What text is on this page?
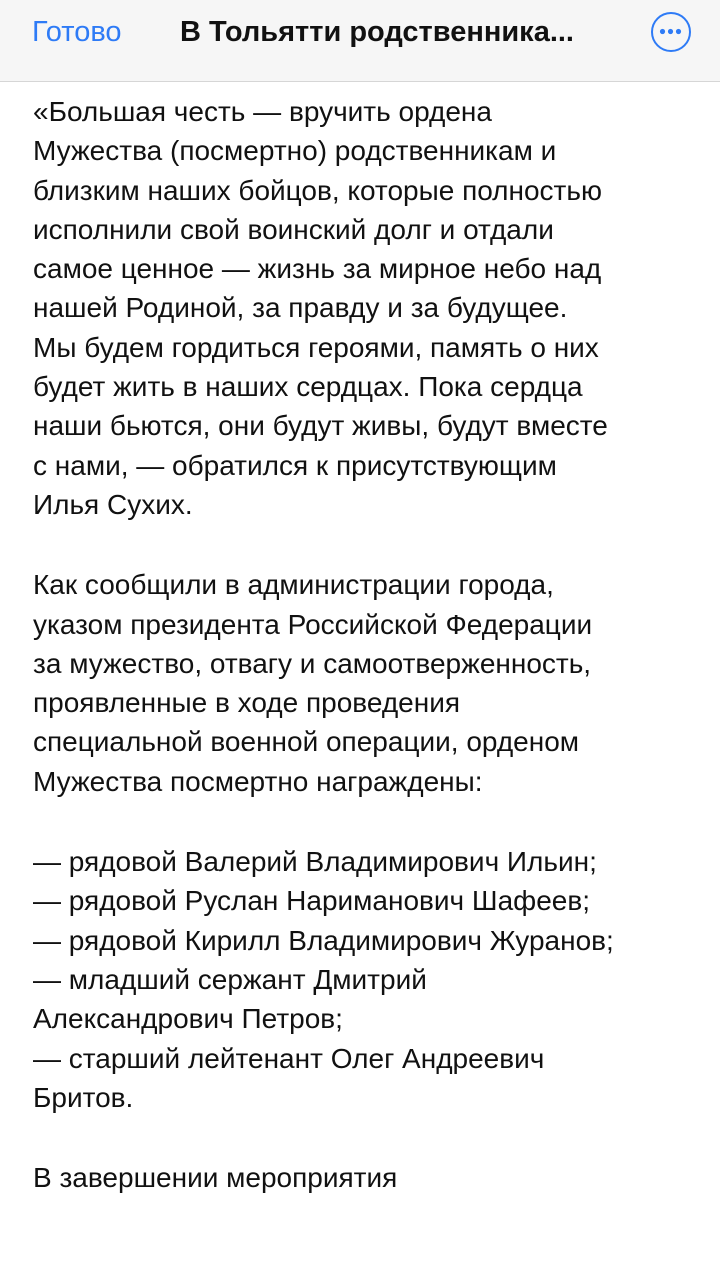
Готово В Тольятти родственника...
«Большая честь — вручить ордена
Мужества (посмертно) родственникам и
близким наших бойцов, которые полностью
исполнили свой воинский долг и отдали
самое ценное — жизнь за мирное небо над
нашей Родиной, за правду и за будущее.
Мы будем гордиться героями, память о них
будет жить в наших сердцах. Пока сердца
наши бьются, они будут живы, будут вместе
с нами, — обратился к присутствующим
Илья Сухих.
Как сообщили в администрации города,
указом президента Российской Федерации
за мужество, отвагу и самоотверженность,
проявленные в ходе проведения
специальной военной операции, орденом
Мужества посмертно награждены:
— рядовой Валерий Владимирович Ильин;
— рядовой Руслан Нариманович Шафеев;
— рядовой Кирилл Владимирович Журанов;
— младший сержант Дмитрий
Александрович Петров;
— старший лейтенант Олег Андреевич
Бритов.
В завершении мероприятия
